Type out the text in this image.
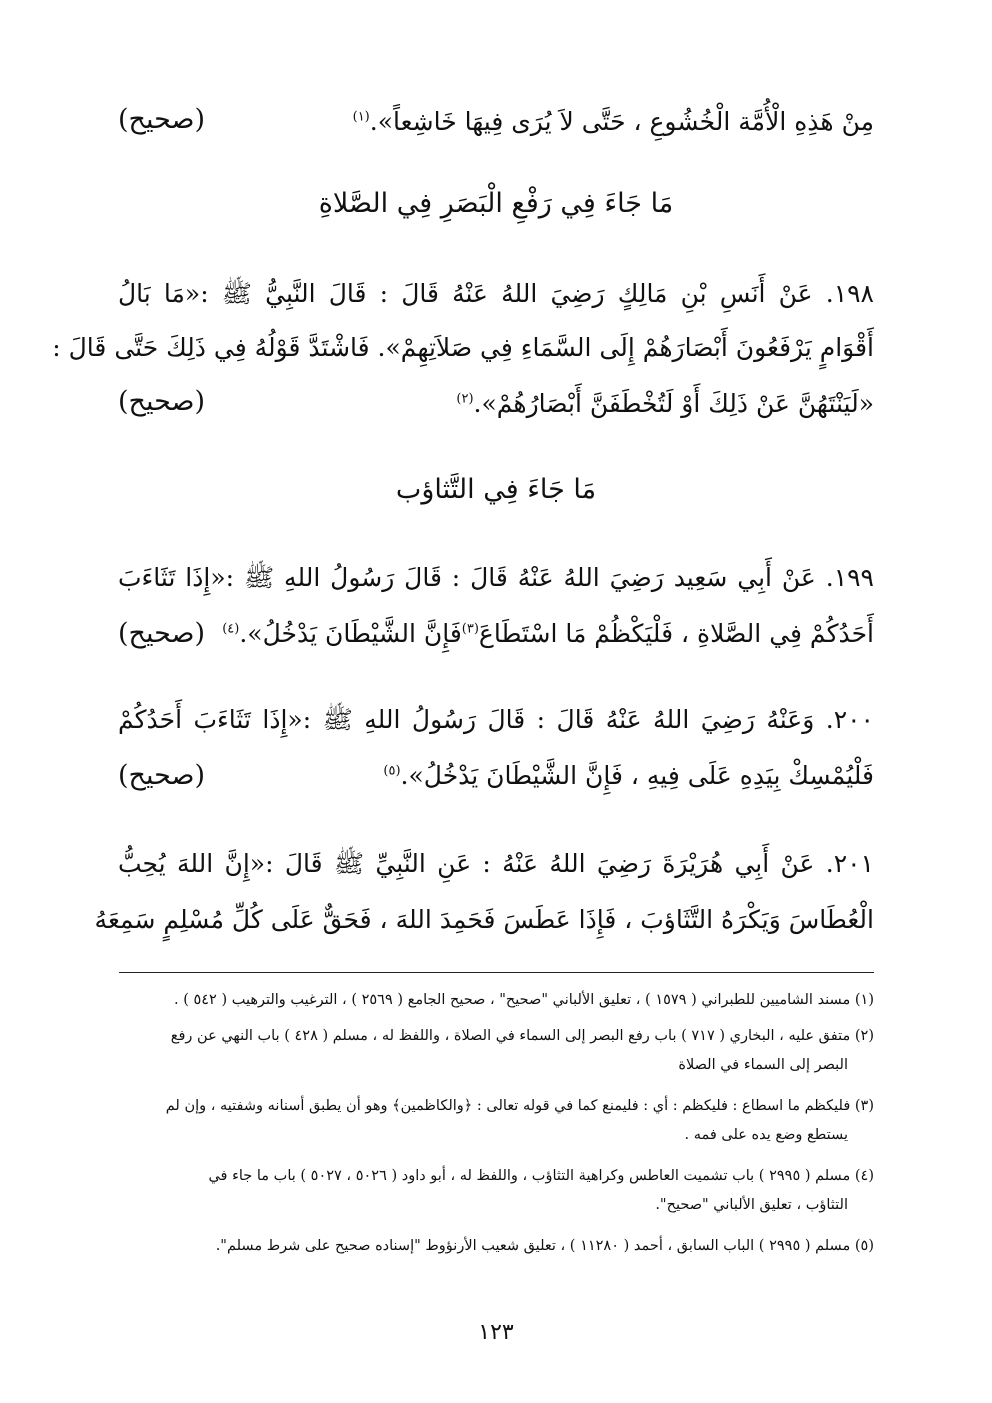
مِنْ هَذِهِ الْأُمَّة الْخُشُوعِ ، حَتَّى لاَ يُرَى فِيهَا خَاشِعاً».$^{(١)}$
(صحيح)
مَا جَاءَ فِي رَفْعِ الْبَصَرِ فِي الصَّلاةِ
١٩٨. عَنْ أَنَسِ بْنِ مَالِكٍ رَضِيَ اللهُ عَنْهُ قَالَ : قَالَ النَّبِيُّ ﷺ :«مَا بَالُ
أَقْوَامٍ يَرْفَعُونَ أَبْصَارَهُمْ إِلَى السَّمَاءِ فِي صَلاَتِهِمْ». فَاشْتَدَّ قَوْلُهُ فِي ذَلِكَ حَتَّى قَالَ :
«لَيَنْتَهُنَّ عَنْ ذَلِكَ أَوْ لَتُخْطَفَنَّ أَبْصَارُهُمْ».$^{(٢)}$
(صحيح)
مَا جَاءَ فِي التَّثاؤب
١٩٩. عَنْ أَبِي سَعِيد رَضِيَ اللهُ عَنْهُ قَالَ : قَالَ رَسُولُ اللهِ ﷺ :«إِذَا تَثَاءَبَ
أَحَدُكُمْ فِي الصَّلاةِ ، فَلْيَكْظُمْ مَا اسْتَطَاعَ$^{(٣)}$فَإِنَّ الشَّيْطَانَ يَدْخُلُ».$^{(٤)}$
(صحيح)
٢٠٠. وَعَنْهُ رَضِيَ اللهُ عَنْهُ قَالَ : قَالَ رَسُولُ اللهِ ﷺ :«إِذَا تَثَاءَبَ أَحَدُكُمْ
فَلْيُمْسِكْ بِيَدِهِ عَلَى فِيهِ ، فَإِنَّ الشَّيْطَانَ يَدْخُلُ».$^{(٥)}$
(صحيح)
٢٠١. عَنْ أَبِي هُرَيْرَةَ رَضِيَ اللهُ عَنْهُ : عَنِ النَّبِيِّ ﷺ قَالَ :«إِنَّ اللهَ يُحِبُّ
الْعُطَاسَ وَيَكْرَهُ التَّثَاؤبَ ، فَإِذَا عَطَسَ فَحَمِدَ اللهَ ، فَحَقٌّ عَلَى كُلِّ مُسْلِمٍ سَمِعَهُ
(١) مسند الشاميين للطبراني ( ١٥٧٩ ) ، تعليق الألباني "صحيح" ، صحيح الجامع ( ٢٥٦٩ ) ، الترغيب والترهيب ( ٥٤٢ ) .
(٢) متفق عليه ، البخاري ( ٧١٧ ) باب رفع البصر إلى السماء في الصلاة ، واللفظ له ، مسلم ( ٤٢٨ ) باب النهي عن رفع
البصر إلى السماء في الصلاة
(٣) فليكظم ما اسطاع : فليكظم : أي : فليمنع كما في قوله تعالى : ﴿والكاظمين﴾ وهو أن يطبق أسنانه وشفتيه ، وإن لم
يستطع وضع يده على فمه .
(٤) مسلم ( ٢٩٩٥ ) باب تشميت العاطس وكراهية التثاؤب ، واللفظ له ، أبو داود ( ٥٠٢٦ ، ٥٠٢٧ ) باب ما جاء في
التثاؤب ، تعليق الألباني "صحيح".
(٥) مسلم ( ٢٩٩٥ ) الباب السابق ، أحمد ( ١١٢٨٠ ) ، تعليق شعيب الأرنؤوط "إسناده صحيح على شرط مسلم".
١٢٣
